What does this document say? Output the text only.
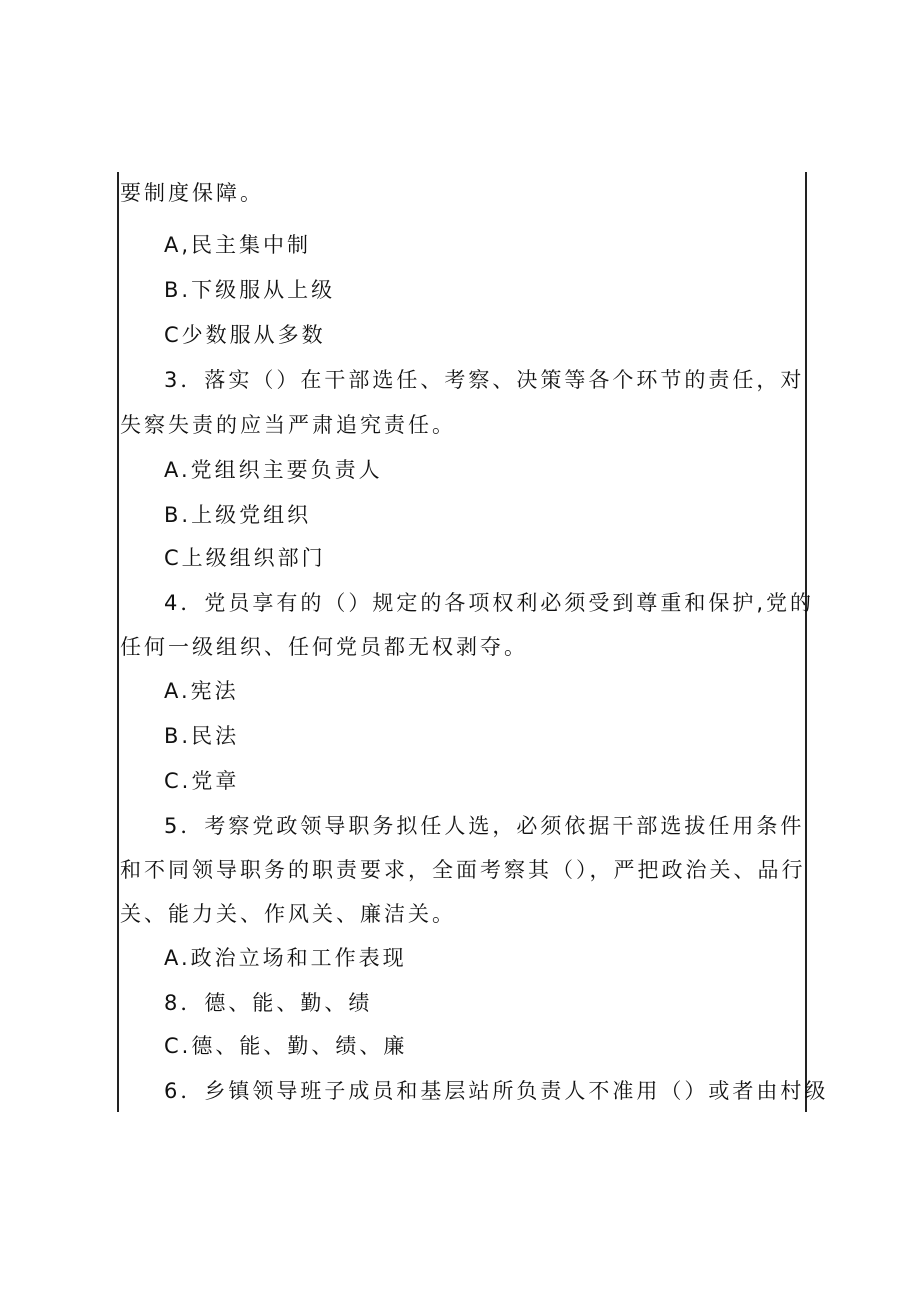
要制度保障。
A,民主集中制
B.下级服从上级
C少数服从多数
3．落实（）在干部选任、考察、决策等各个环节的责任，对
失察失责的应当严肃追究责任。
A.党组织主要负责人
B.上级党组织
C上级组织部门
4．党员享有的（）规定的各项权利必须受到尊重和保护,党的
任何一级组织、任何党员都无权剥夺。
A.宪法
B.民法
C.党章
5．考察党政领导职务拟任人选，必须依据干部选拔任用条件
和不同领导职务的职责要求，全面考察其（），严把政治关、品行
关、能力关、作风关、廉洁关。
A.政治立场和工作表现
8．德、能、勤、绩
C.德、能、勤、绩、廉
6．乡镇领导班子成员和基层站所负责人不准用（）或者由村级
